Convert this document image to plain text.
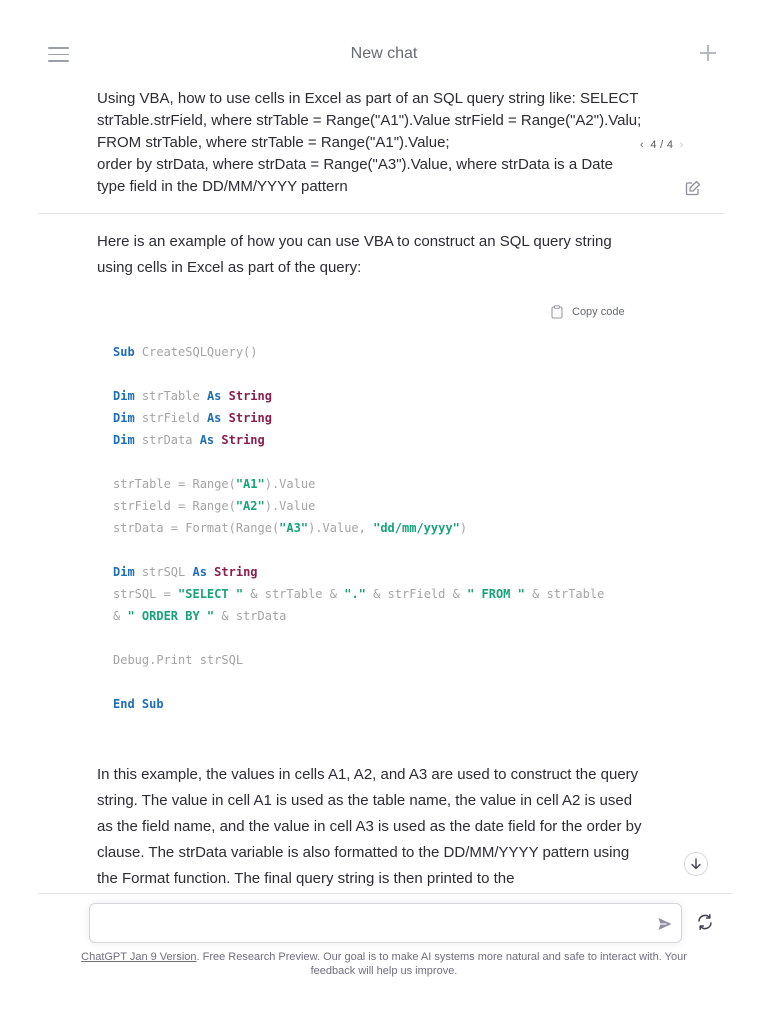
New chat
Using VBA, how to use cells in Excel as part of an SQL query string like: SELECT
strTable.strField, where strTable = Range("A1").Value strField = Range("A2").Valu;
FROM strTable, where strTable = Range("A1").Value;
order by strData, where strData = Range("A3").Value, where strData is a Date
type field in the DD/MM/YYYY pattern
‹ 4 / 4 ›
Here is an example of how you can use VBA to construct an SQL query string using cells in Excel as part of the query:
Copy code
Sub CreateSQLQuery()
Dim strTable As String
Dim strField As String
Dim strData As String
strTable = Range("A1").Value
strField = Range("A2").Value
strData = Format(Range("A3").Value, "dd/mm/yyyy")
Dim strSQL As String
strSQL = "SELECT " & strTable & "." & strField & " FROM " & strTable
& " ORDER BY " & strData
Debug.Print strSQL
End Sub
In this example, the values in cells A1, A2, and A3 are used to construct the query string. The value in cell A1 is used as the table name, the value in cell A2 is used as the field name, and the value in cell A3 is used as the date field for the order by clause. The strData variable is also formatted to the DD/MM/YYYY pattern using the Format function. The final query string is then printed to the
ChatGPT Jan 9 Version. Free Research Preview. Our goal is to make AI systems more natural and safe to interact with. Your feedback will help us improve.
